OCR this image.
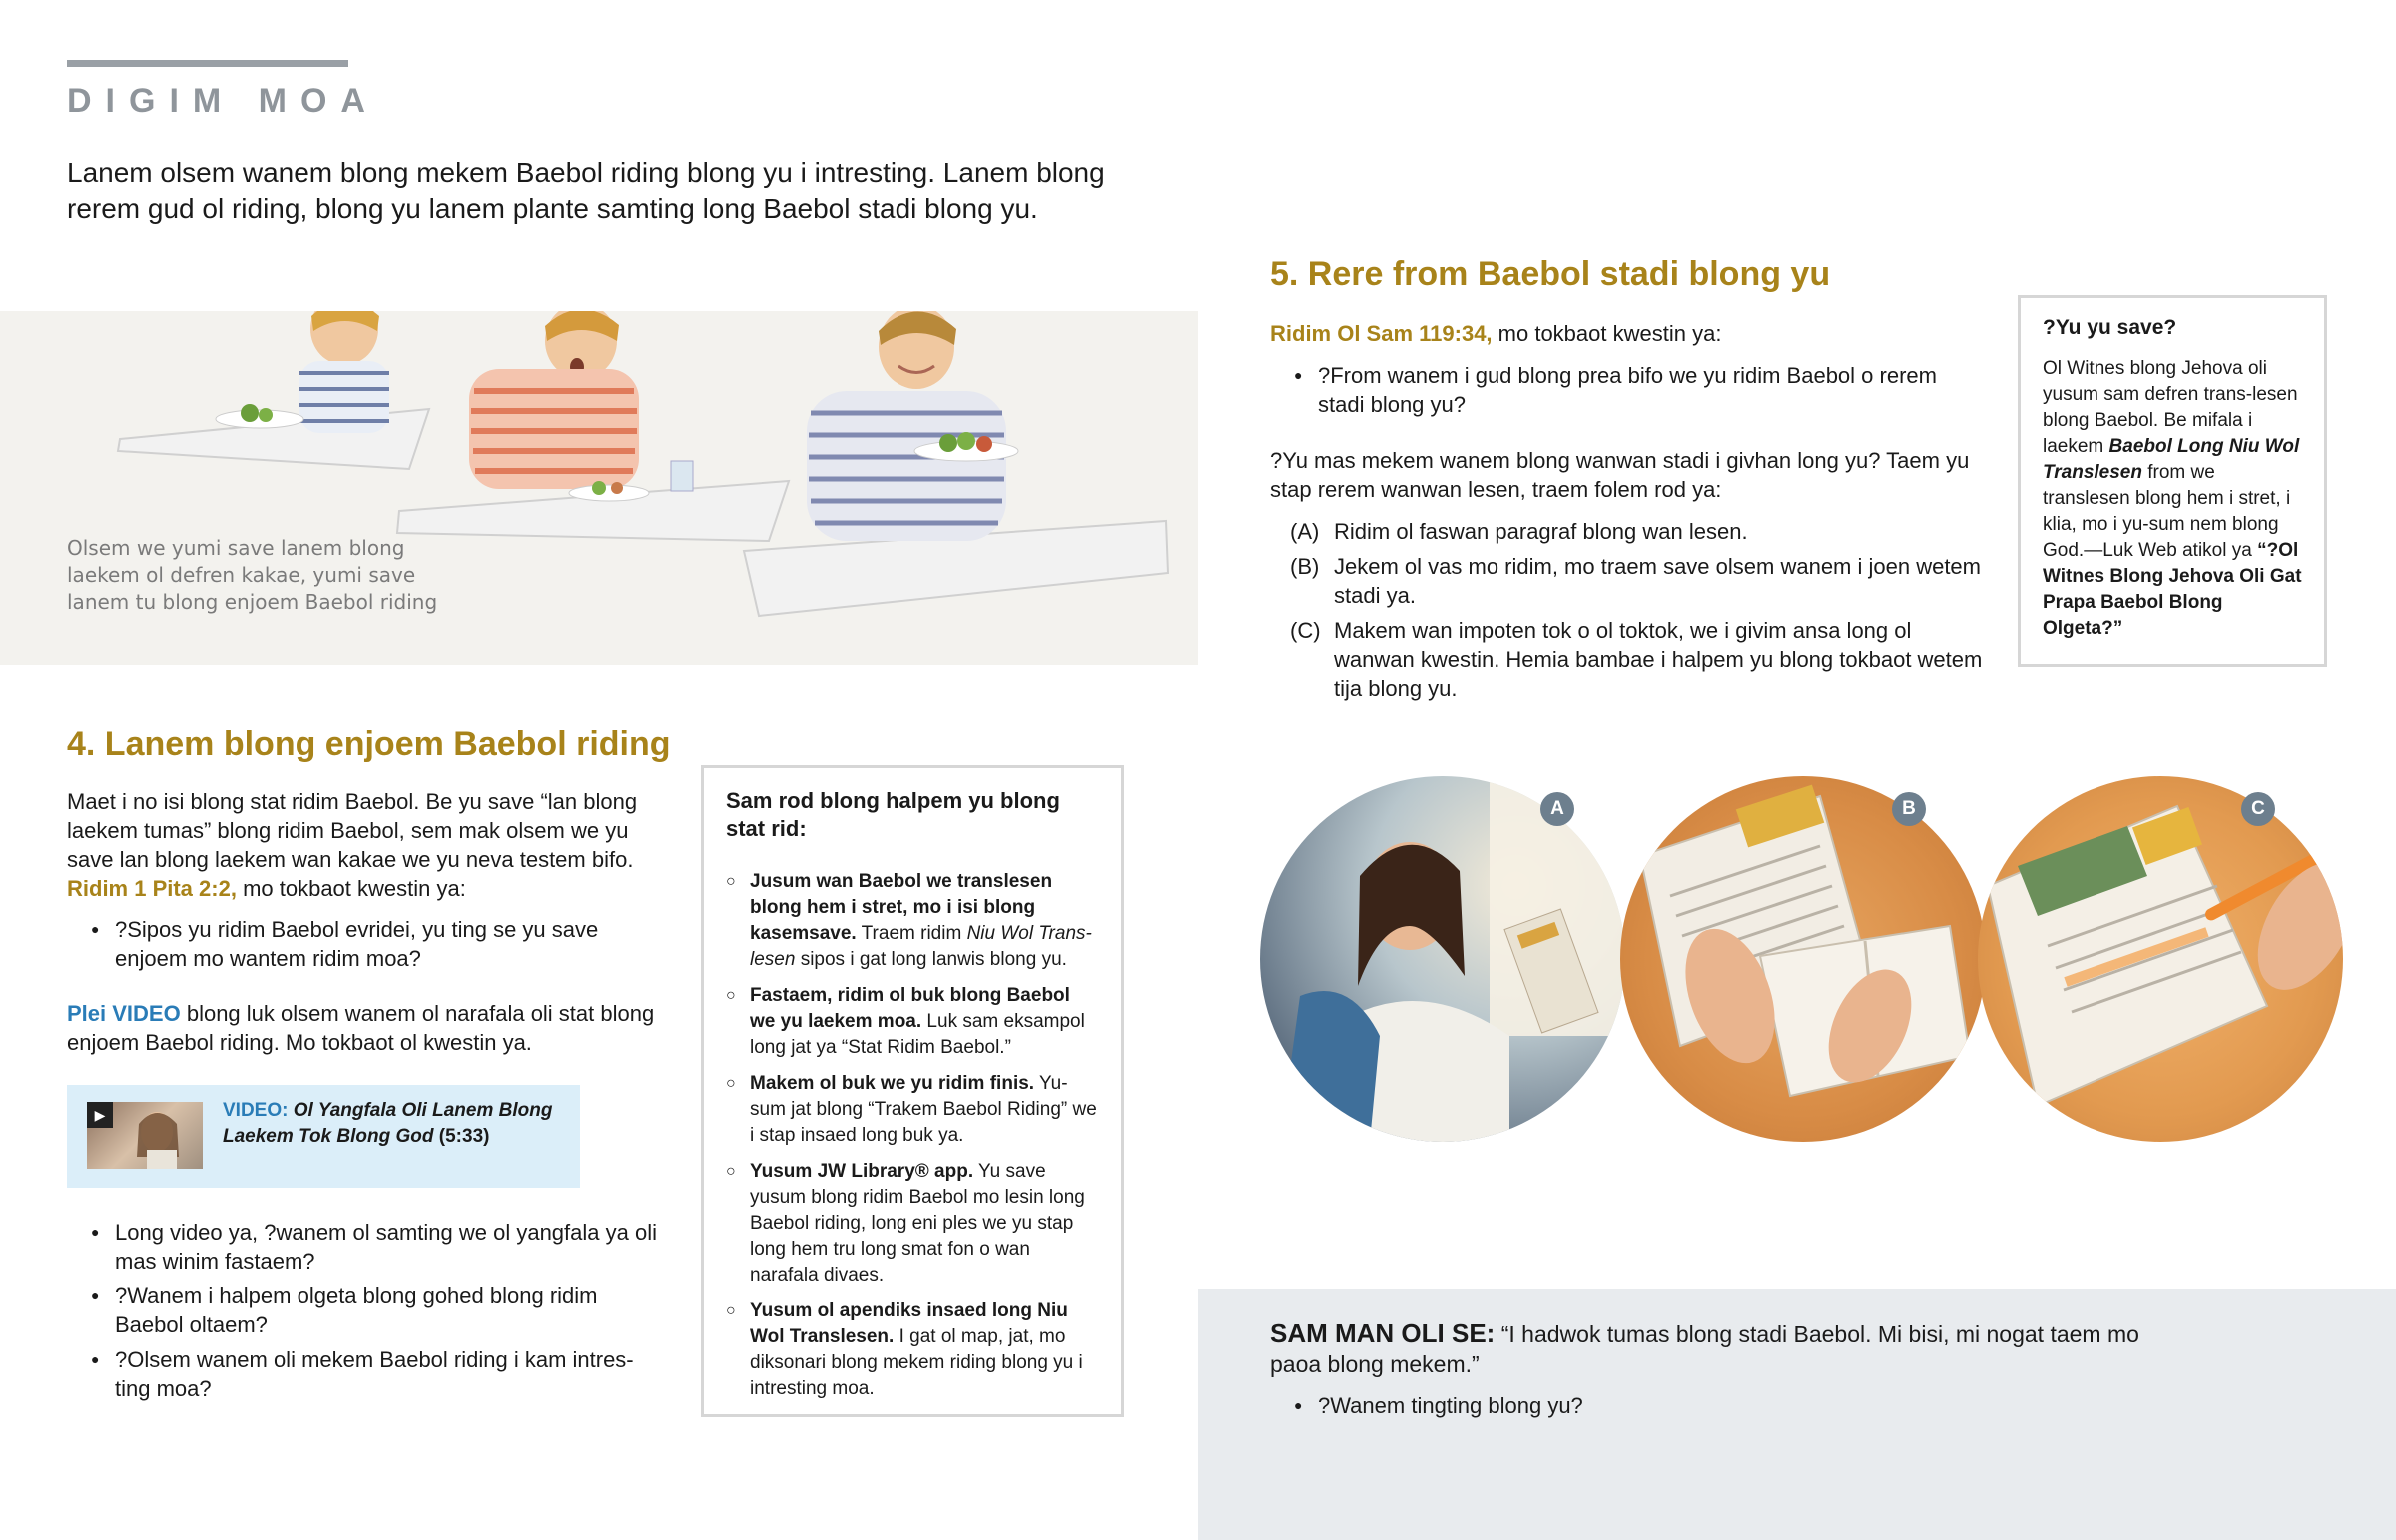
DIGIM MOA

Lanem olsem wanem blong mekem Baebol riding blong yu i intresting. Lanem blong rerem gud ol riding, blong yu lanem plante samting long Baebol stadi blong yu.

Olsem we yumi save lanem blong laekem ol defren kakae, yumi save lanem tu blong enjoem Baebol riding

4. Lanem blong enjoem Baebol riding

Maet i no isi blong stat ridim Baebol. Be yu save “lan blong laekem tumas” blong ridim Baebol, sem mak olsem we yu save lan blong laekem wan kakae we yu neva testem bifo. Ridim 1 Pita 2:2, mo tokbaot kwestin ya:

● ?Sipos yu ridim Baebol evridei, yu ting se yu save enjoem mo wantem ridim moa?

Plei VIDEO blong luk olsem wanem ol narafala oli stat blong enjoem Baebol riding. Mo tokbaot ol kwestin ya.

▶	VIDEO: Ol Yangfala Oli Lanem Blong Laekem Tok Blong God (5:33)

● Long video ya, ?wanem ol samting we ol yangfala ya oli mas winim fastaem?
● ?Wanem i halpem olgeta blong gohed blong ridim Baebol oltaem?
● ?Olsem wanem oli mekem Baebol riding i kam intres-ting moa?

Sam rod blong halpem yu blong stat rid:

○ Jusum wan Baebol we translesen blong hem i stret, mo i isi blong kasemsave. Traem ridim Niu Wol Trans-lesen sipos i gat long lanwis blong yu.
○ Fastaem, ridim ol buk blong Baebol we yu laekem moa. Luk sam eksampol long jat ya “Stat Ridim Baebol.”
○ Makem ol buk we yu ridim finis. Yu-sum jat blong “Trakem Baebol Riding” we i stap insaed long buk ya.
○ Yusum JW Library® app. Yu save yusum blong ridim Baebol mo lesin long Baebol riding, long eni ples we yu stap long hem tru long smat fon o wan narafala divaes.
○ Yusum ol apendiks insaed long Niu Wol Translesen. I gat ol map, jat, mo diksonari blong mekem riding blong yu i intresting moa.
5. Rere from Baebol stadi blong yu

Ridim Ol Sam 119:34, mo tokbaot kwestin ya:

● ?From wanem i gud blong prea bifo we yu ridim Baebol o rerem stadi blong yu?

?Yu mas mekem wanem blong wanwan stadi i givhan long yu? Taem yu stap rerem wanwan lesen, traem folem rod ya:

(A) Ridim ol faswan paragraf blong wan lesen.
(B) Jekem ol vas mo ridim, mo traem save olsem wanem i joen wetem stadi ya.
(C) Makem wan impoten tok o ol toktok, we i givim ansa long ol wanwan kwestin. Hemia bambae i halpem yu blong tokbaot wetem tija blong yu.

?Yu yu save?

Ol Witnes blong Jehova oli yusum sam defren trans-lesen blong Baebol. Be mifala i laekem Baebol Long Niu Wol Translesen from we translesen blong hem i stret, i klia, mo i yu-sum nem blong God.—Luk Web atikol ya “?Ol Witnes Blong Jehova Oli Gat Prapa Baebol Blong Olgeta?”

A	B	C

SAM MAN OLI SE: “I hadwok tumas blong stadi Baebol. Mi bisi, mi nogat taem mo paoa blong mekem.”

● ?Wanem tingting blong yu?
